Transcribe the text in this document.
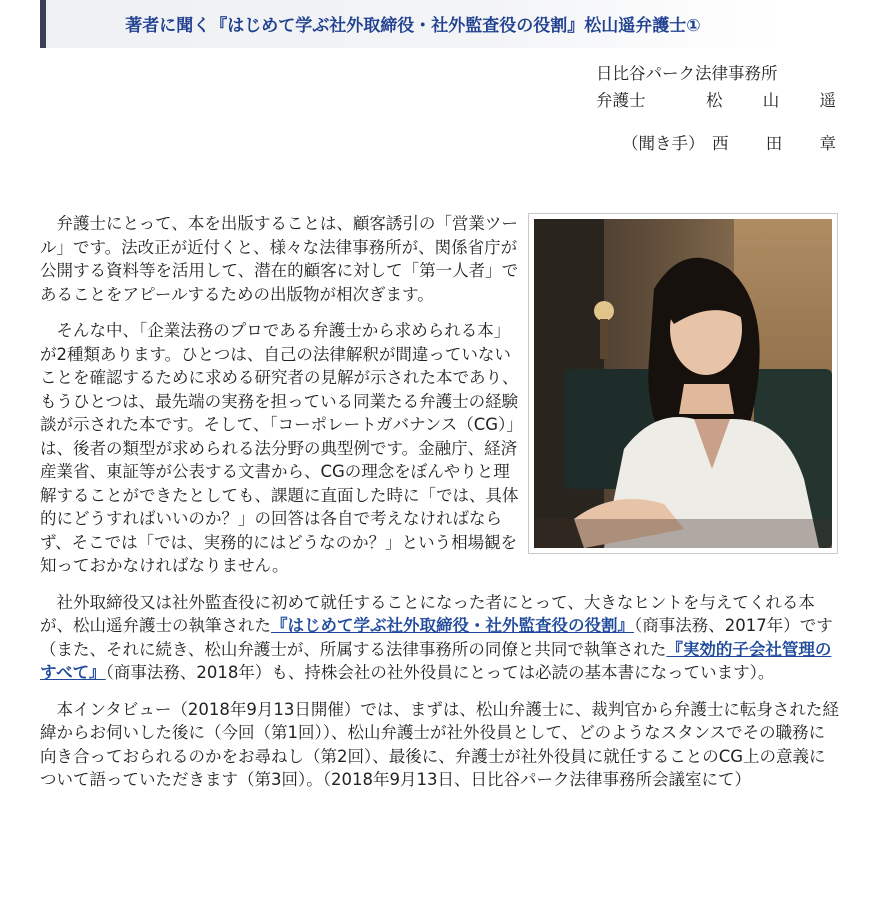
著者に聞く『はじめて学ぶ社外取締役・社外監査役の役割』松山遥弁護士①
日比谷パーク法律事務所
弁護士	松 山 遥
（聞き手） 西 田 章

弁護士にとって、本を出版することは、顧客誘引の「営業ツール」です。法改正が近付くと、様々な法律事務所が、関係省庁が公開する資料等を活用して、潜在的顧客に対して「第一人者」であることをアピールするための出版物が相次ぎます。

そんな中、「企業法務のプロである弁護士から求められる本」が2種類あります。ひとつは、自己の法律解釈が間違っていないことを確認するために求める研究者の見解が示された本であり、もうひとつは、最先端の実務を担っている同業たる弁護士の経験談が示された本です。そして、「コーポレートガバナンス（CG）」は、後者の類型が求められる法分野の典型例です。金融庁、経済産業省、東証等が公表する文書から、CGの理念をぼんやりと理解することができたとしても、課題に直面した時に「では、具体的にどうすればいいのか？」の回答は各自で考えなければならず、そこでは「では、実務的にはどうなのか？」という相場観を知っておかなければなりません。

社外取締役又は社外監査役に初めて就任することになった者にとって、大きなヒントを与えてくれる本が、松山遥弁護士の執筆された『はじめて学ぶ社外取締役・社外監査役の役割』（商事法務、2017年）です（また、それに続き、松山弁護士が、所属する法律事務所の同僚と共同で執筆された『実効的子会社管理のすべて』（商事法務、2018年）も、持株会社の社外役員にとっては必読の基本書になっています）。

本インタビュー（2018年9月13日開催）では、まずは、松山弁護士に、裁判官から弁護士に転身された経緯からお伺いした後に（今回（第1回））、松山弁護士が社外役員として、どのようなスタンスでその職務に向き合っておられるのかをお尋ねし（第2回）、最後に、弁護士が社外役員に就任することのCG上の意義について語っていただきます（第3回）。（2018年9月13日、日比谷パーク法律事務所会議室にて）
